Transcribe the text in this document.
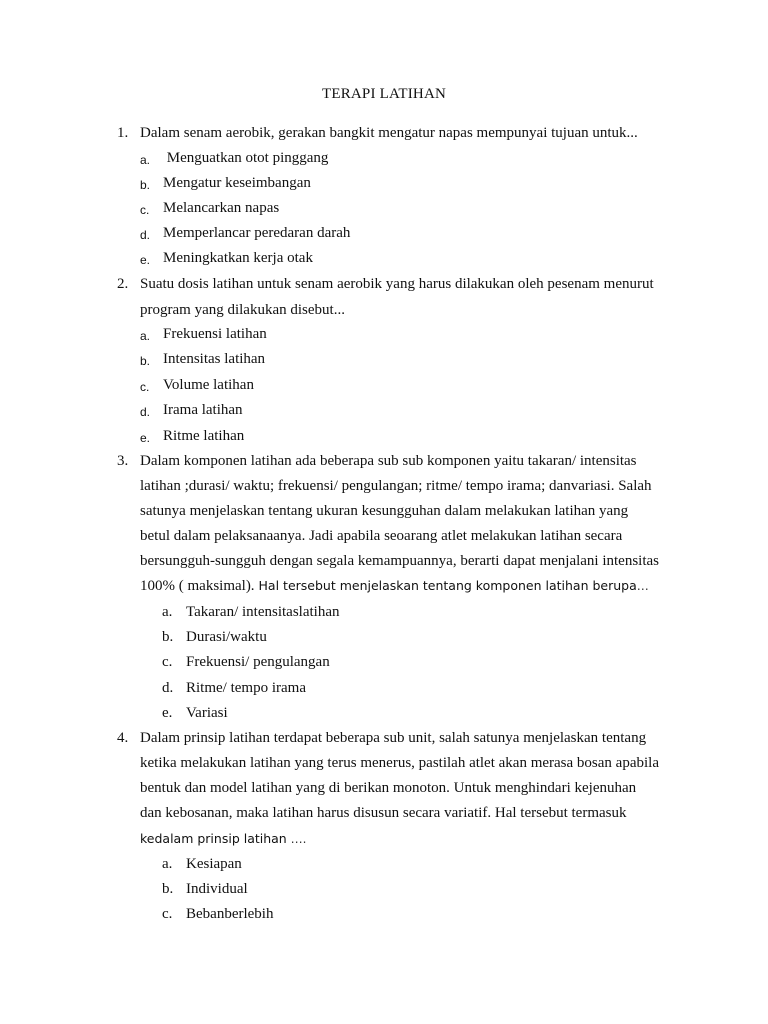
TERAPI LATIHAN
1. Dalam senam aerobik, gerakan bangkit mengatur napas mempunyai tujuan untuk...
a. Menguatkan otot pinggang
b. Mengatur keseimbangan
c. Melancarkan napas
d. Memperlancar peredaran darah
e. Meningkatkan kerja otak
2. Suatu dosis latihan untuk senam aerobik yang harus dilakukan oleh pesenam menurut
program yang dilakukan disebut...
a. Frekuensi latihan
b. Intensitas latihan
c. Volume latihan
d. Irama latihan
e. Ritme latihan
3. Dalam komponen latihan ada beberapa sub sub komponen yaitu takaran/ intensitas
latihan ;durasi/ waktu; frekuensi/ pengulangan; ritme/ tempo irama; danvariasi. Salah
satunya menjelaskan tentang ukuran kesungguhan dalam melakukan latihan yang
betul dalam pelaksanaanya. Jadi apabila seoarang atlet melakukan latihan secara
bersungguh-sungguh dengan segala kemampuannya, berarti dapat menjalani intensitas
100% ( maksimal). Hal tersebut menjelaskan tentang komponen latihan berupa…
a. Takaran/ intensitaslatihan
b. Durasi/waktu
c. Frekuensi/ pengulangan
d. Ritme/ tempo irama
e. Variasi
4. Dalam prinsip latihan terdapat beberapa sub unit, salah satunya menjelaskan tentang
ketika melakukan latihan yang terus menerus, pastilah atlet akan merasa bosan apabila
bentuk dan model latihan yang di berikan monoton. Untuk menghindari kejenuhan
dan kebosanan, maka latihan harus disusun secara variatif. Hal tersebut termasuk
kedalam prinsip latihan ….
a. Kesiapan
b. Individual
c. Bebanberlebih
